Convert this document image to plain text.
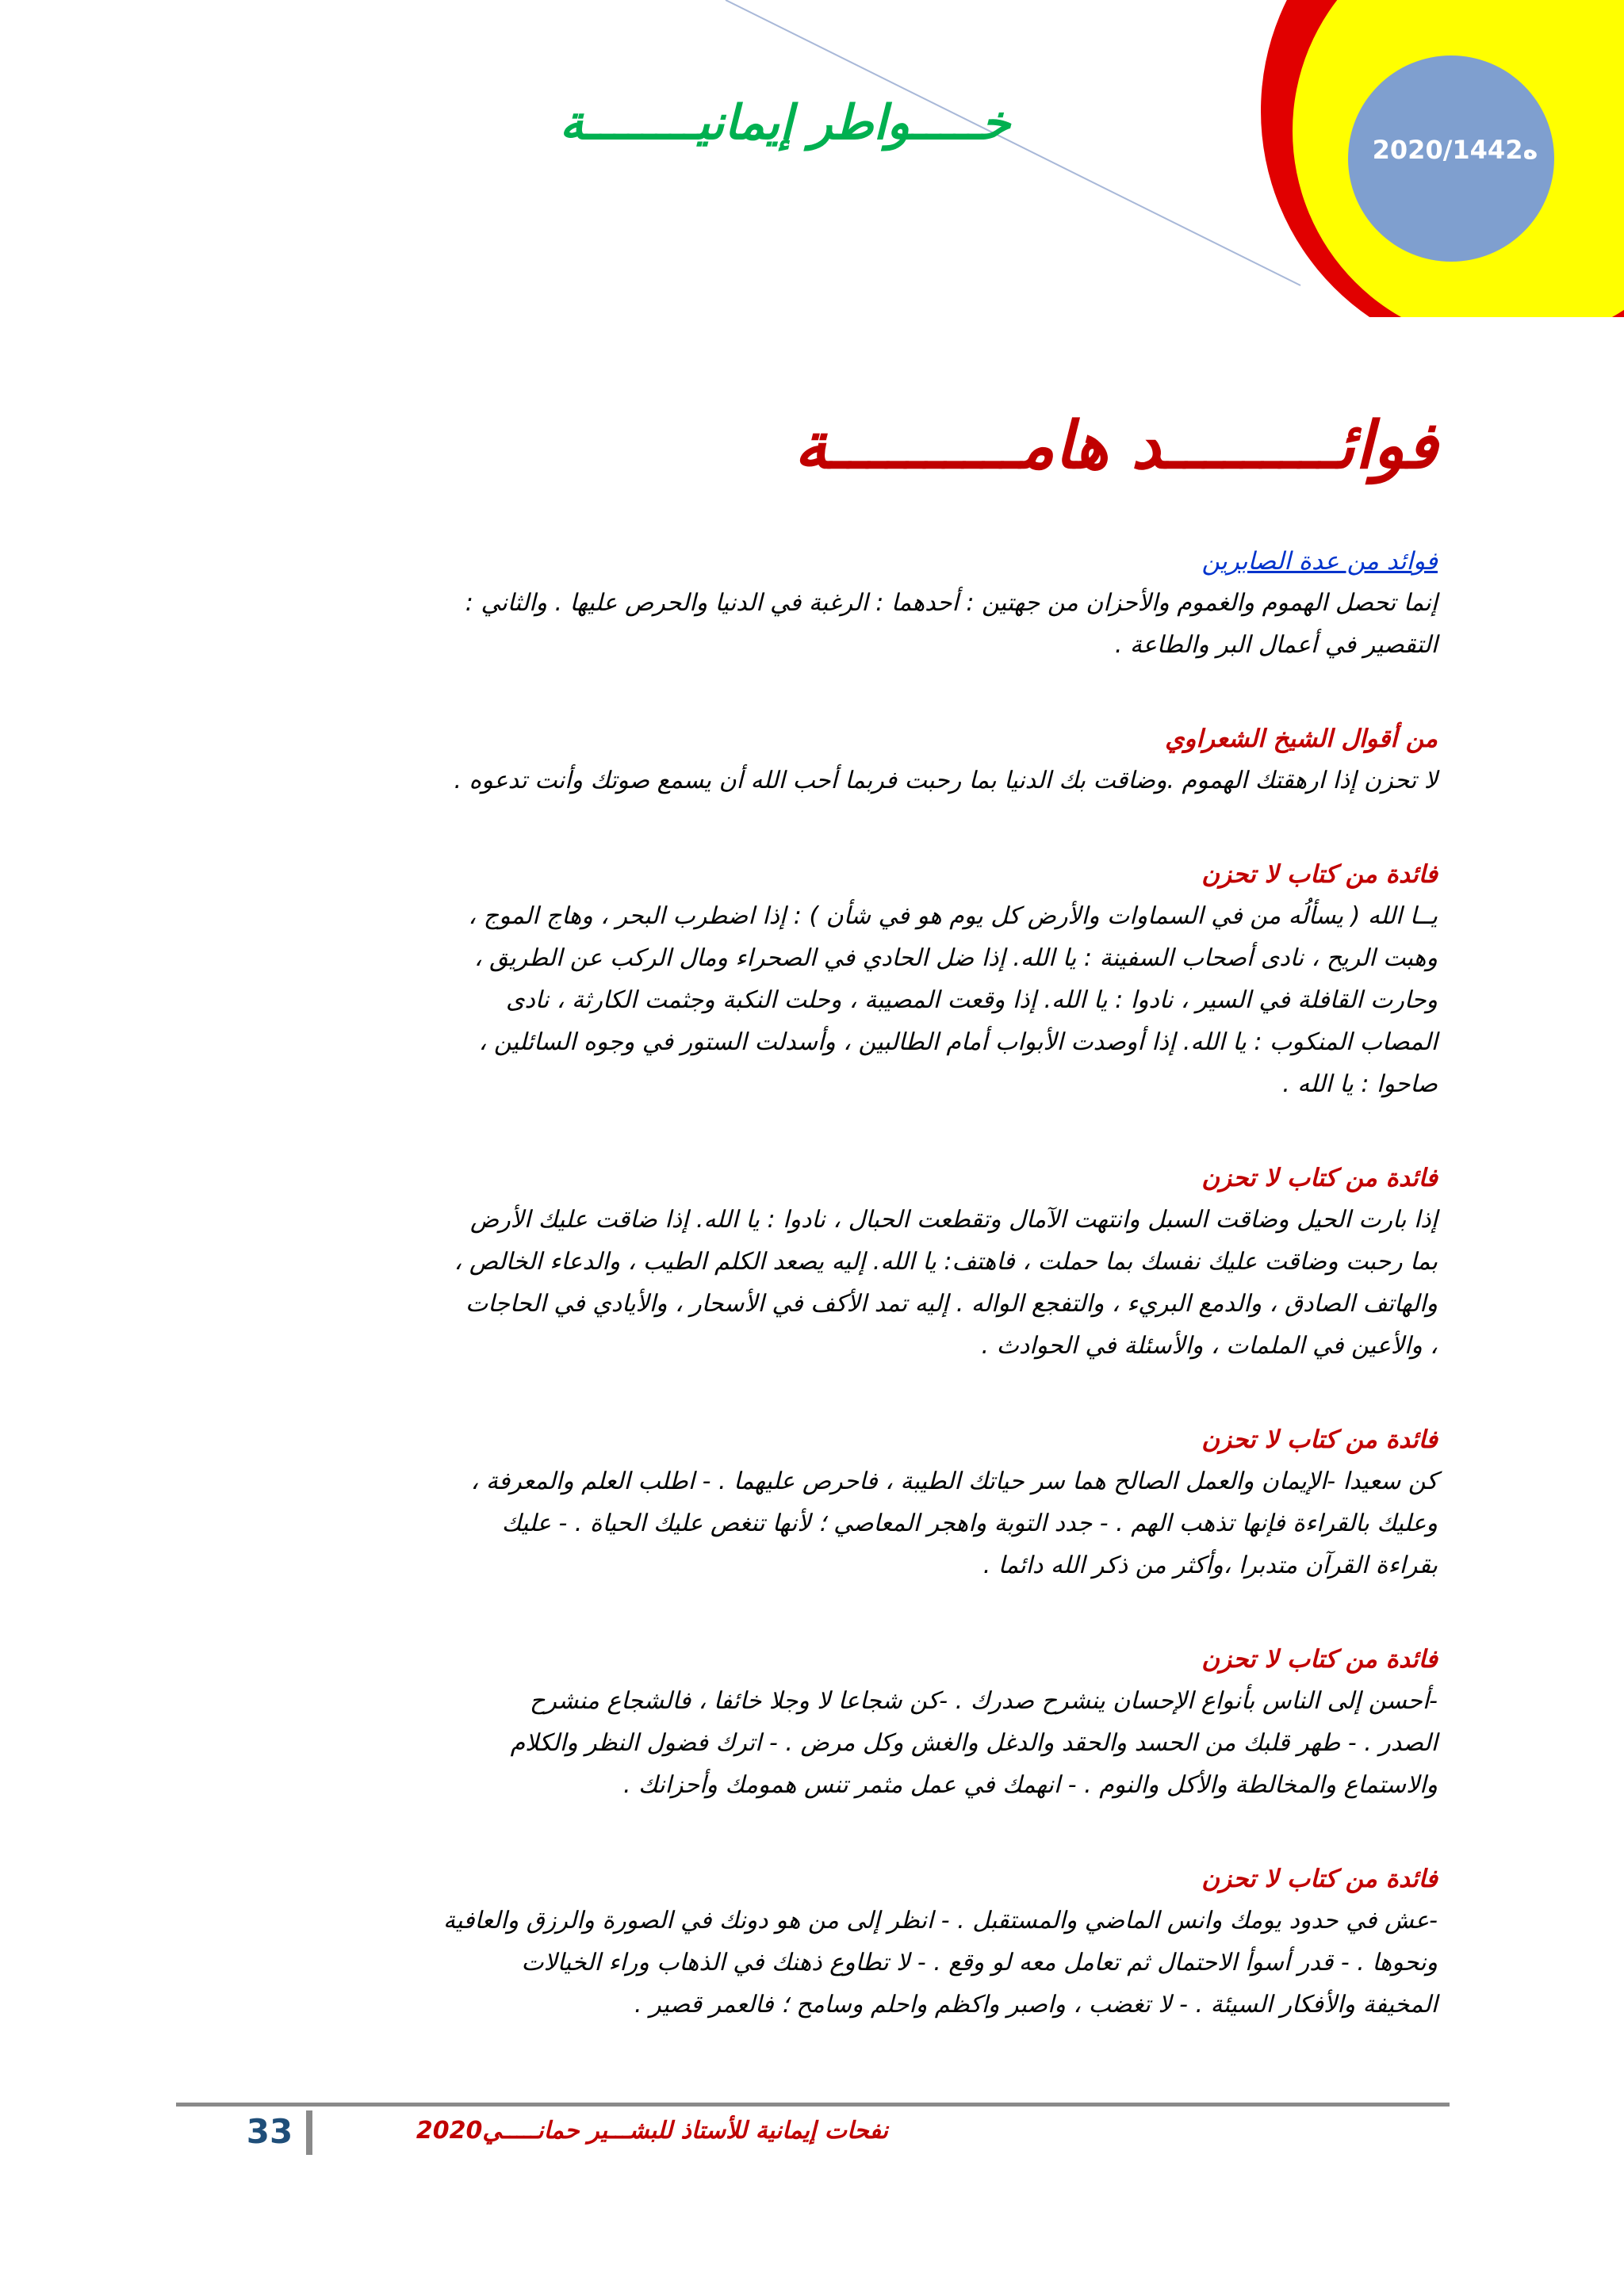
خـــــواطر إيمانيــــــــة	2020/ه1442
فوائـــــــــد هامــــــــــة
فوائد من عدة الصابرين
إنما تحصل الهموم والغموم والأحزان من جهتين : أحدهما : الرغبة في الدنيا والحرص عليها . والثاني :
التقصير في أعمال البر والطاعة .
من أقوال الشيخ الشعراوي
لا تحزن إذا ارهقتك الهموم .وضاقت بك الدنيا بما رحبت فربما أحب الله أن يسمع صوتك وأنت تدعوه .
فائدة من كتاب لا تحزن
يــا الله ( يسألُه من في السماوات والأرض كل يوم هو في شأن ) : إذا اضطرب البحر ، وهاج الموج ،
وهبت الريح ، نادى أصحاب السفينة : يا الله. إذا ضل الحادي في الصحراء ومال الركب عن الطريق ،
وحارت القافلة في السير ، نادوا : يا الله. إذا وقعت المصيبة ، وحلت النكبة وجثمت الكارثة ، نادى
المصاب المنكوب : يا الله. إذا أوصدت الأبواب أمام الطالبين ، وأسدلت الستور في وجوه السائلين ،
صاحوا : يا الله .
فائدة من كتاب لا تحزن
إذا بارت الحيل وضاقت السبل وانتهت الآمال وتقطعت الحبال ، نادوا : يا الله. إذا ضاقت عليك الأرض
بما رحبت وضاقت عليك نفسك بما حملت ، فاهتف: يا الله. إليه يصعد الكلم الطيب ، والدعاء الخالص ،
والهاتف الصادق ، والدمع البريء ، والتفجع الواله . إليه تمد الأكف في الأسحار ، والأيادي في الحاجات
، والأعين في الملمات ، والأسئلة في الحوادث .
فائدة من كتاب لا تحزن
كن سعيدا -الإيمان والعمل الصالح هما سر حياتك الطيبة ، فاحرص عليهما . - اطلب العلم والمعرفة ،
وعليك بالقراءة فإنها تذهب الهم . - جدد التوبة واهجر المعاصي ؛ لأنها تنغص عليك الحياة . - عليك
بقراءة القرآن متدبرا ،وأكثر من ذكر الله دائما .
فائدة من كتاب لا تحزن
-أحسن إلى الناس بأنواع الإحسان ينشرح صدرك . -كن شجاعا لا وجلا خائفا ، فالشجاع منشرح
الصدر . - طهر قلبك من الحسد والحقد والدغل والغش وكل مرض . - اترك فضول النظر والكلام
والاستماع والمخالطة والأكل والنوم . - انهمك في عمل مثمر تنس همومك وأحزانك .
فائدة من كتاب لا تحزن
-عش في حدود يومك وانس الماضي والمستقبل . - انظر إلى من هو دونك في الصورة والرزق والعافية
ونحوها . - قدر أسوأ الاحتمال ثم تعامل معه لو وقع . - لا تطاوع ذهنك في الذهاب وراء الخيالات
المخيفة والأفكار السيئة . - لا تغضب ، واصبر واكظم واحلم وسامح ؛ فالعمر قصير .
33	نفحات إيمانية للأستاذ للبشـــير حمانـــــي2020
